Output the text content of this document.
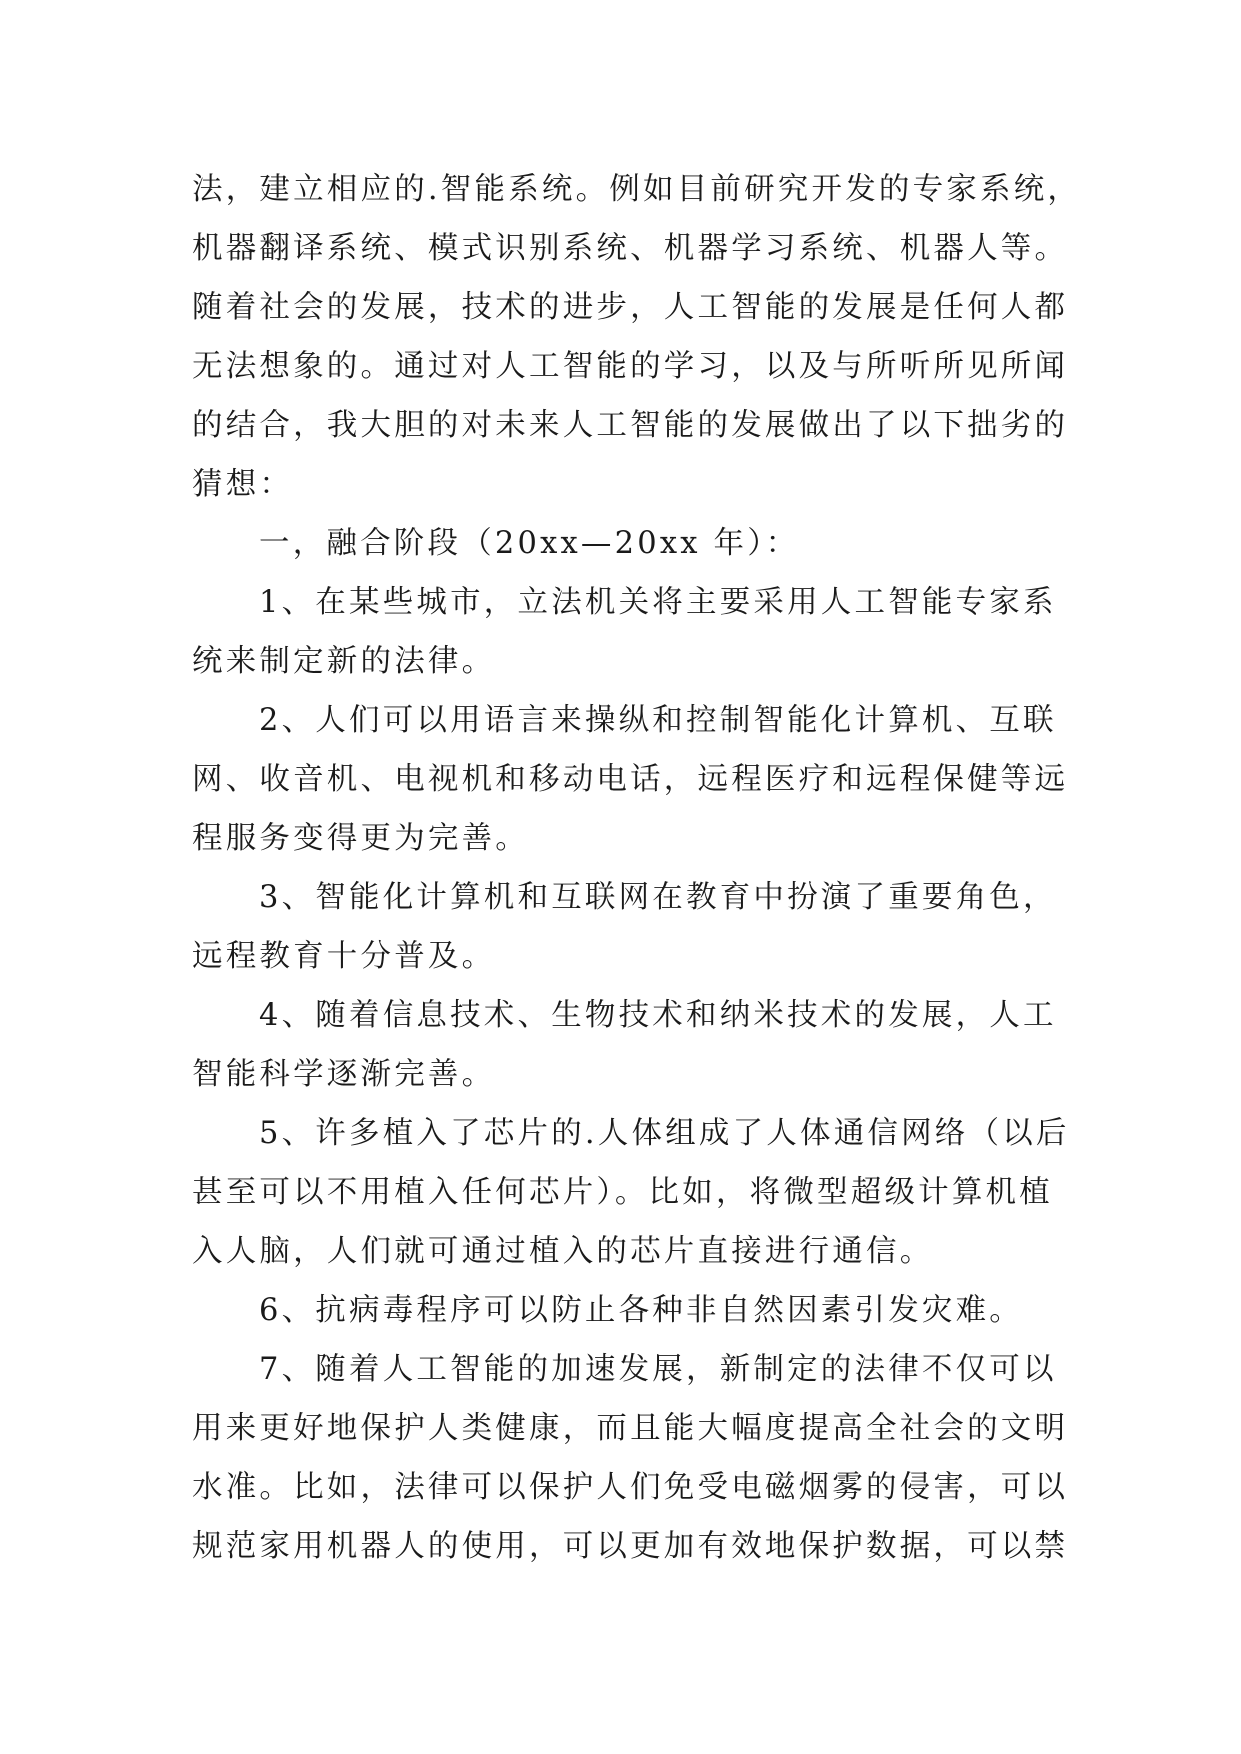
法，建立相应的.智能系统。例如目前研究开发的专家系统，

机器翻译系统、模式识别系统、机器学习系统、机器人等。

随着社会的发展，技术的进步，人工智能的发展是任何人都

无法想象的。通过对人工智能的学习，以及与所听所见所闻

的结合，我大胆的对未来人工智能的发展做出了以下拙劣的

猜想：

一，融合阶段（20xx—20xx 年）：

1、在某些城市，立法机关将主要采用人工智能专家系

统来制定新的法律。

2、人们可以用语言来操纵和控制智能化计算机、互联

网、收音机、电视机和移动电话，远程医疗和远程保健等远

程服务变得更为完善。

3、智能化计算机和互联网在教育中扮演了重要角色，

远程教育十分普及。

4、随着信息技术、生物技术和纳米技术的发展，人工

智能科学逐渐完善。

5、许多植入了芯片的.人体组成了人体通信网络（以后

甚至可以不用植入任何芯片）。比如，将微型超级计算机植

入人脑，人们就可通过植入的芯片直接进行通信。

6、抗病毒程序可以防止各种非自然因素引发灾难。

7、随着人工智能的加速发展，新制定的法律不仅可以

用来更好地保护人类健康，而且能大幅度提高全社会的文明

水准。比如，法律可以保护人们免受电磁烟雾的侵害，可以

规范家用机器人的使用，可以更加有效地保护数据，可以禁
